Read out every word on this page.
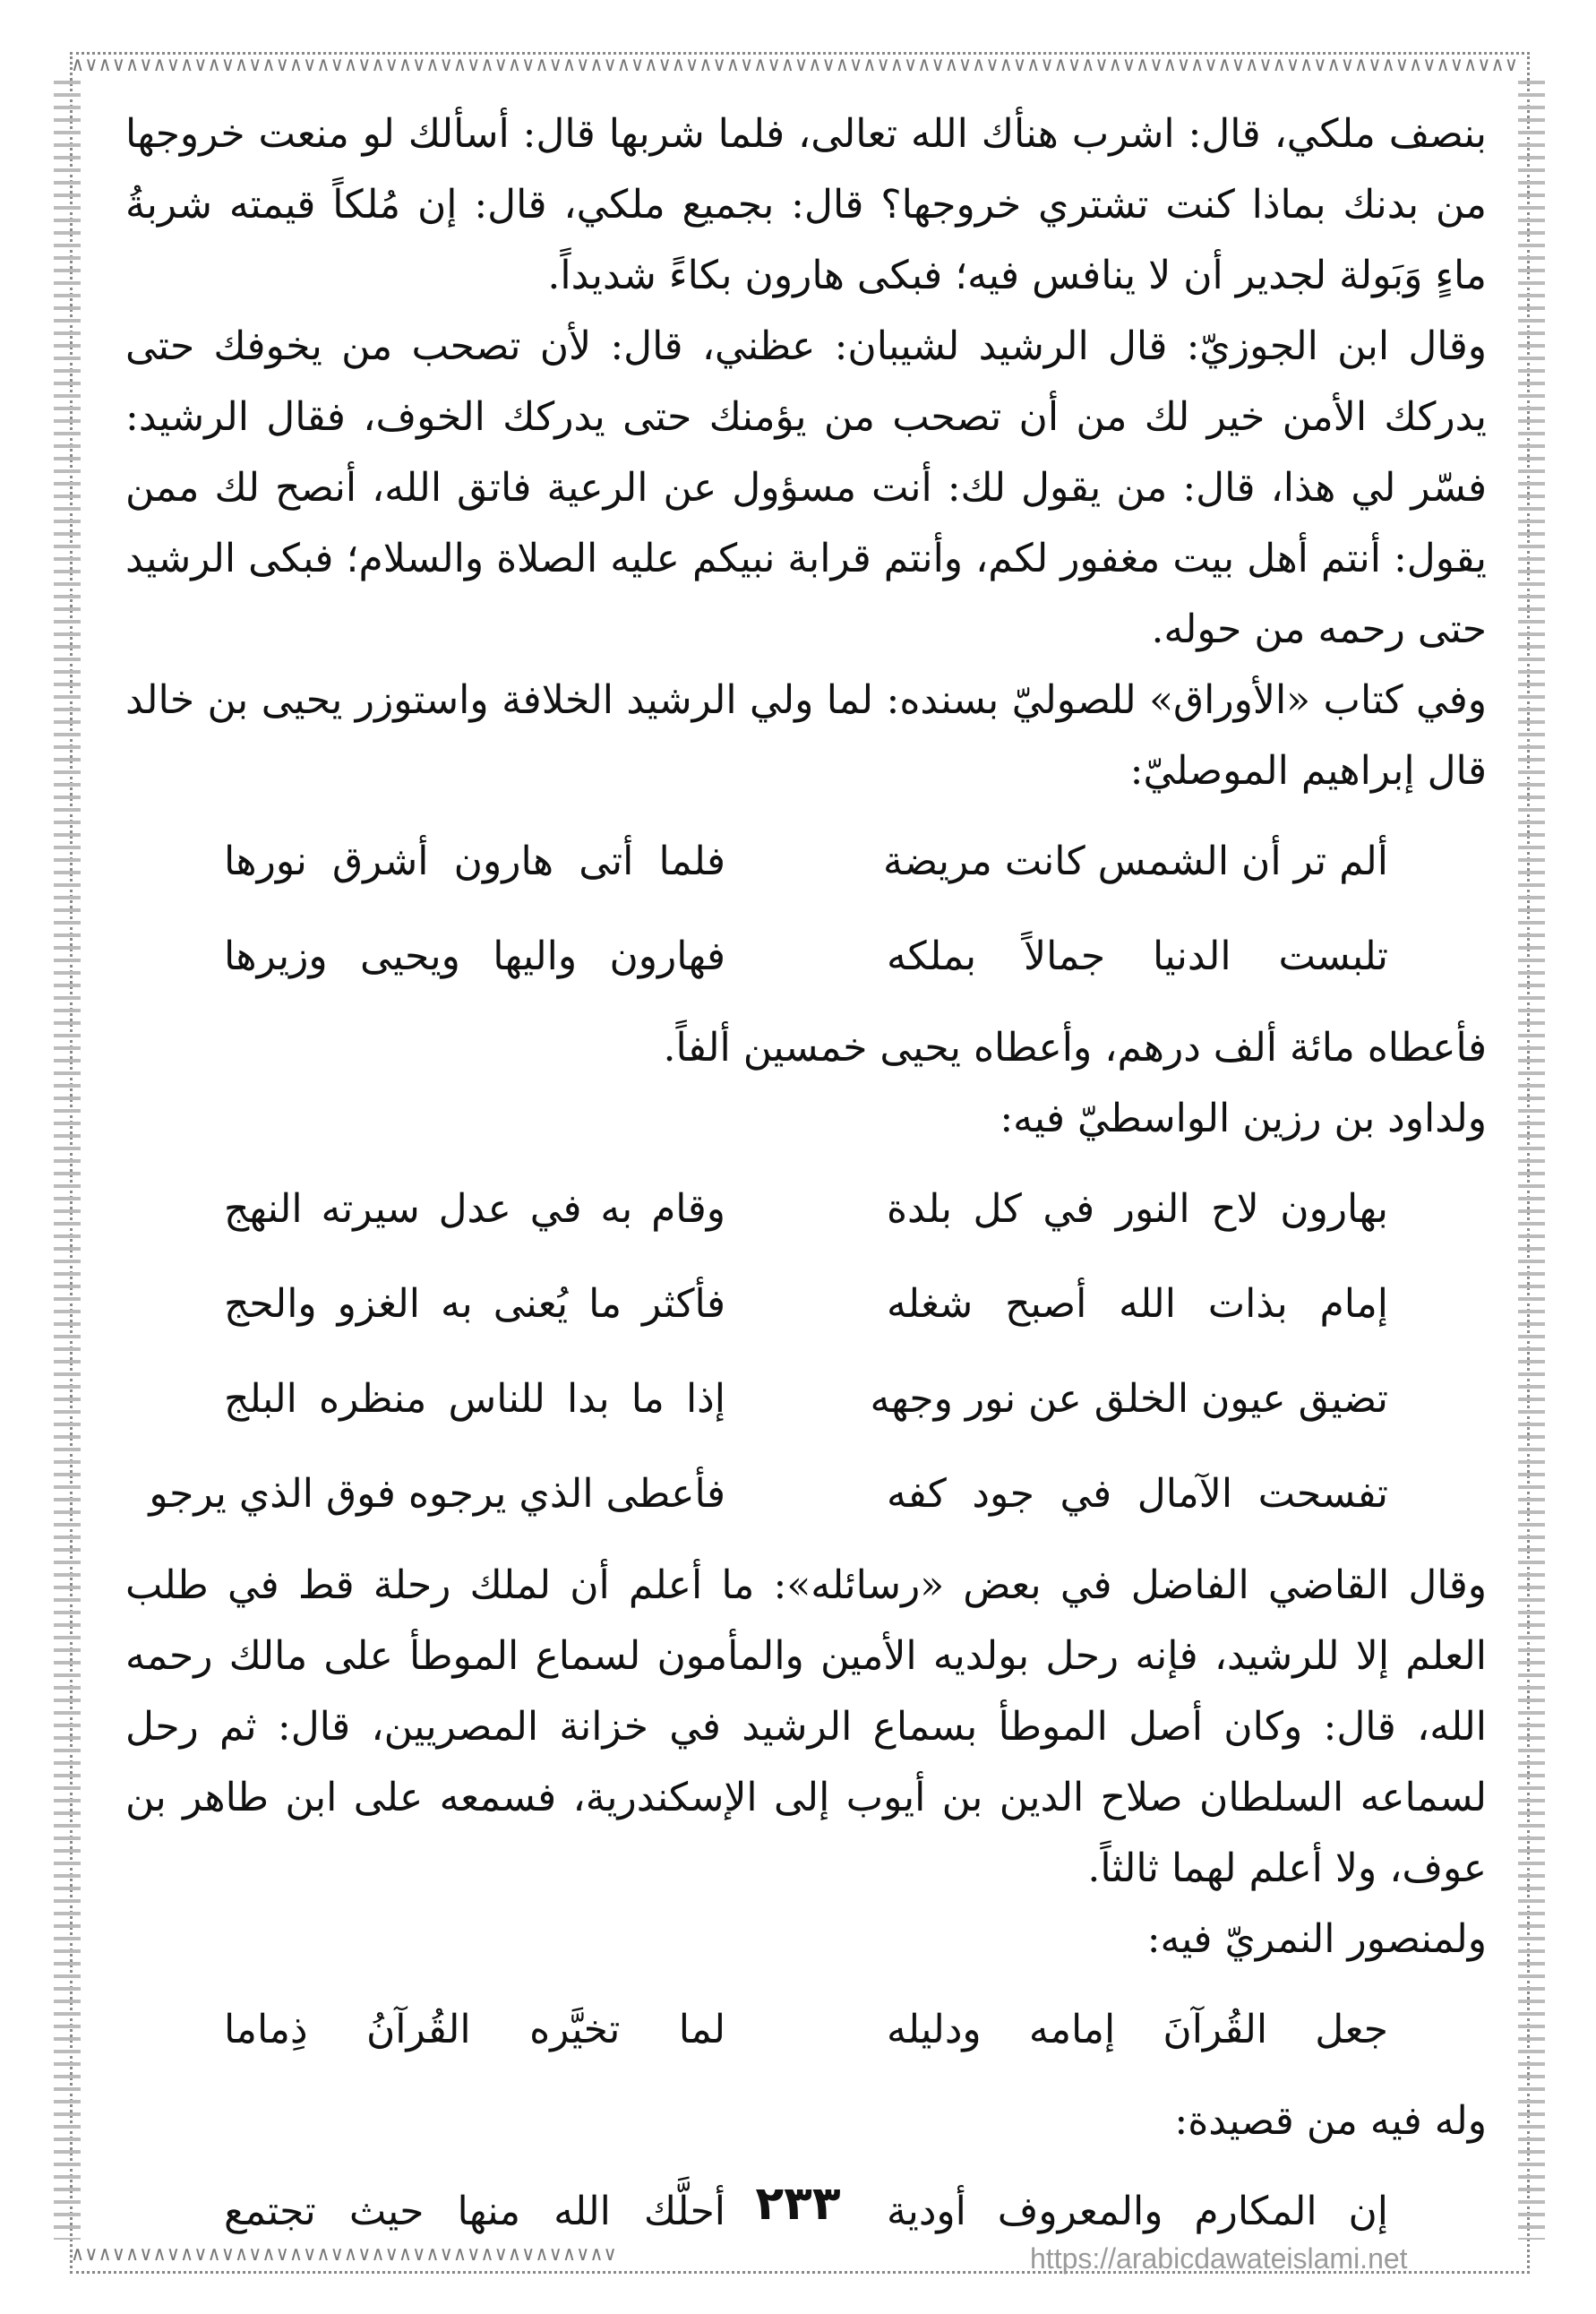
∧∨∧∨∧∨∧∨∧∨∧∨∧∨∧∨∧∨∧∨∧∨∧∨∧∨∧∨∧∨∧∨∧∨∧∨∧∨∧∨∧∨∧∨∧∨∧∨∧∨∧∨∧∨∧∨∧∨∧∨∧∨∧∨∧∨∧∨∧∨∧∨∧∨∧∨∧∨∧∨∧∨∧∨∧∨∧∨∧∨∧∨∧∨∧∨∧∨∧∨∧∨∧∨∧∨
∧∨∧∨∧∨∧∨∧∨∧∨∧∨∧∨∧∨∧∨∧∨∧∨∧∨∧∨∧∨∧∨∧∨∧∨∧∨∧∨

بنصف ملكي، قال: اشرب هنأك الله تعالى، فلما شربها قال: أسألك لو منعت خروجها من بدنك بماذا كنت تشتري خروجها؟ قال: بجميع ملكي، قال: إن مُلكاً قيمته شربةُ ماءٍ وَبَولة لجدير أن لا ينافس فيه؛ فبكى هارون بكاءً شديداً.

وقال ابن الجوزيّ: قال الرشيد لشيبان: عظني، قال: لأن تصحب من يخوفك حتى يدركك الأمن خير لك من أن تصحب من يؤمنك حتى يدركك الخوف، فقال الرشيد: فسّر لي هذا، قال: من يقول لك: أنت مسؤول عن الرعية فاتق الله، أنصح لك ممن يقول: أنتم أهل بيت مغفور لكم، وأنتم قرابة نبيكم عليه الصلاة والسلام؛ فبكى الرشيد حتى رحمه من حوله.

وفي كتاب «الأوراق» للصوليّ بسنده: لما ولي الرشيد الخلافة واستوزر يحيى بن خالد قال إبراهيم الموصليّ:

ألم تر أن الشمس كانت مريضة
فلما أتى هارون أشرق نورها
تلبست الدنيا جمالاً بملكه
فهارون واليها ويحيى وزيرها

فأعطاه مائة ألف درهم، وأعطاه يحيى خمسين ألفاً.

ولداود بن رزين الواسطيّ فيه:

بهارون لاح النور في كل بلدة
وقام به في عدل سيرته النهج
إمام بذات الله أصبح شغله
فأكثر ما يُعنى به الغزو والحج
تضيق عيون الخلق عن نور وجهه
إذا ما بدا للناس منظره البلج
تفسحت الآمال في جود كفه
فأعطى الذي يرجوه فوق الذي يرجو

وقال القاضي الفاضل في بعض «رسائله»: ما أعلم أن لملك رحلة قط في طلب العلم إلا للرشيد، فإنه رحل بولديه الأمين والمأمون لسماع الموطأ على مالك رحمه الله، قال: وكان أصل الموطأ بسماع الرشيد في خزانة المصريين، قال: ثم رحل لسماعه السلطان صلاح الدين بن أيوب إلى الإسكندرية، فسمعه على ابن طاهر بن عوف، ولا أعلم لهما ثالثاً.

ولمنصور النمريّ فيه:

جعل القُرآنَ إمامه ودليله
لما تخيَّره القُرآنُ ذِماما

وله فيه من قصيدة:

إن المكارم والمعروف أودية
أحلَّك الله منها حيث تجتمع ٢٣٣
https://arabicdawateislami.net
